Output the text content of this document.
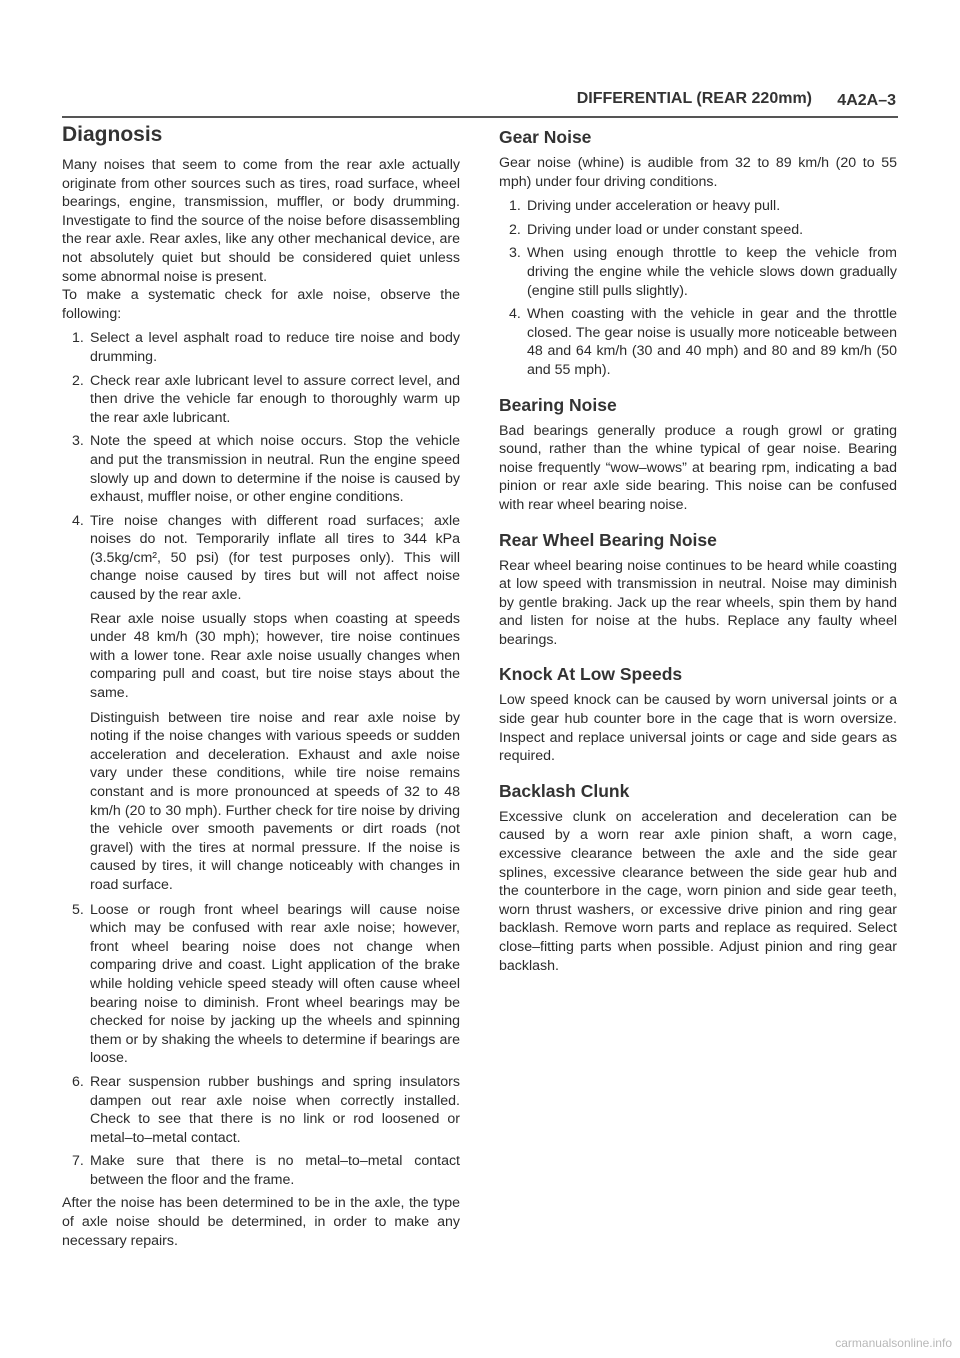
DIFFERENTIAL (REAR 220mm) 4A2A–3
Diagnosis

Many noises that seem to come from the rear axle actually originate from other sources such as tires, road surface, wheel bearings, engine, transmission, muffler, or body drumming. Investigate to find the source of the noise before disassembling the rear axle. Rear axles, like any other mechanical device, are not absolutely quiet but should be considered quiet unless some abnormal noise is present.

To make a systematic check for axle noise, observe the following:

1. Select a level asphalt road to reduce tire noise and body drumming.
2. Check rear axle lubricant level to assure correct level, and then drive the vehicle far enough to thoroughly warm up the rear axle lubricant.
3. Note the speed at which noise occurs. Stop the vehicle and put the transmission in neutral. Run the engine speed slowly up and down to determine if the noise is caused by exhaust, muffler noise, or other engine conditions.
4. Tire noise changes with different road surfaces; axle noises do not. Temporarily inflate all tires to 344 kPa (3.5kg/cm², 50 psi) (for test purposes only). This will change noise caused by tires but will not affect noise caused by the rear axle.

Rear axle noise usually stops when coasting at speeds under 48 km/h (30 mph); however, tire noise continues with a lower tone. Rear axle noise usually changes when comparing pull and coast, but tire noise stays about the same.

Distinguish between tire noise and rear axle noise by noting if the noise changes with various speeds or sudden acceleration and deceleration. Exhaust and axle noise vary under these conditions, while tire noise remains constant and is more pronounced at speeds of 32 to 48 km/h (20 to 30 mph). Further check for tire noise by driving the vehicle over smooth pavements or dirt roads (not gravel) with the tires at normal pressure. If the noise is caused by tires, it will change noticeably with changes in road surface.

5. Loose or rough front wheel bearings will cause noise which may be confused with rear axle noise; however, front wheel bearing noise does not change when comparing drive and coast. Light application of the brake while holding vehicle speed steady will often cause wheel bearing noise to diminish. Front wheel bearings may be checked for noise by jacking up the wheels and spinning them or by shaking the wheels to determine if bearings are loose.
6. Rear suspension rubber bushings and spring insulators dampen out rear axle noise when correctly installed. Check to see that there is no link or rod loosened or metal–to–metal contact.
7. Make sure that there is no metal–to–metal contact between the floor and the frame.

After the noise has been determined to be in the axle, the type of axle noise should be determined, in order to make any necessary repairs.

Gear Noise

Gear noise (whine) is audible from 32 to 89 km/h (20 to 55 mph) under four driving conditions.

1. Driving under acceleration or heavy pull.
2. Driving under load or under constant speed.
3. When using enough throttle to keep the vehicle from driving the engine while the vehicle slows down gradually (engine still pulls slightly).
4. When coasting with the vehicle in gear and the throttle closed. The gear noise is usually more noticeable between 48 and 64 km/h (30 and 40 mph) and 80 and 89 km/h (50 and 55 mph).
Bearing Noise

Bad bearings generally produce a rough growl or grating sound, rather than the whine typical of gear noise. Bearing noise frequently “wow–wows” at bearing rpm, indicating a bad pinion or rear axle side bearing. This noise can be confused with rear wheel bearing noise.

Rear Wheel Bearing Noise

Rear wheel bearing noise continues to be heard while coasting at low speed with transmission in neutral. Noise may diminish by gentle braking. Jack up the rear wheels, spin them by hand and listen for noise at the hubs. Replace any faulty wheel bearings.

Knock At Low Speeds

Low speed knock can be caused by worn universal joints or a side gear hub counter bore in the cage that is worn oversize. Inspect and replace universal joints or cage and side gears as required.

Backlash Clunk

Excessive clunk on acceleration and deceleration can be caused by a worn rear axle pinion shaft, a worn cage, excessive clearance between the axle and the side gear splines, excessive clearance between the side gear hub and the counterbore in the cage, worn pinion and side gear teeth, worn thrust washers, or excessive drive pinion and ring gear backlash. Remove worn parts and replace as required. Select close–fitting parts when possible. Adjust pinion and ring gear backlash.

carmanualsonline.info
